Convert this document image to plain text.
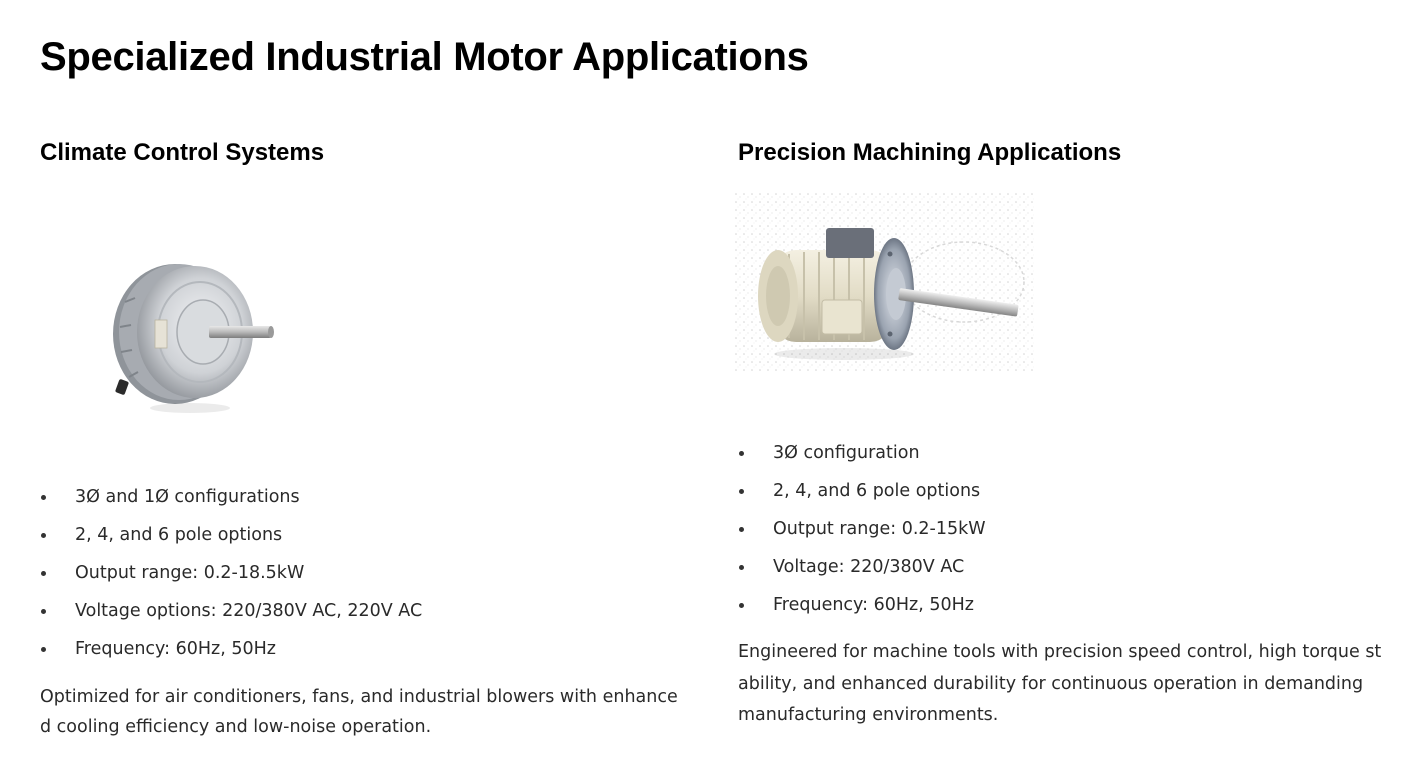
Specialized Industrial Motor Applications
Climate Control Systems
3Ø and 1Ø configurations
2, 4, and 6 pole options
Output range: 0.2-18.5kW
Voltage options: 220/380V AC, 220V AC
Frequency: 60Hz, 50Hz

Optimized for air conditioners, fans, and industrial blowers with enhanced cooling efficiency and low-noise operation.

Precision Machining Applications
3Ø configuration
2, 4, and 6 pole options
Output range: 0.2-15kW
Voltage: 220/380V AC
Frequency: 60Hz, 50Hz

Engineered for machine tools with precision speed control, high torque stability, and enhanced durability for continuous operation in demanding manufacturing environments.
